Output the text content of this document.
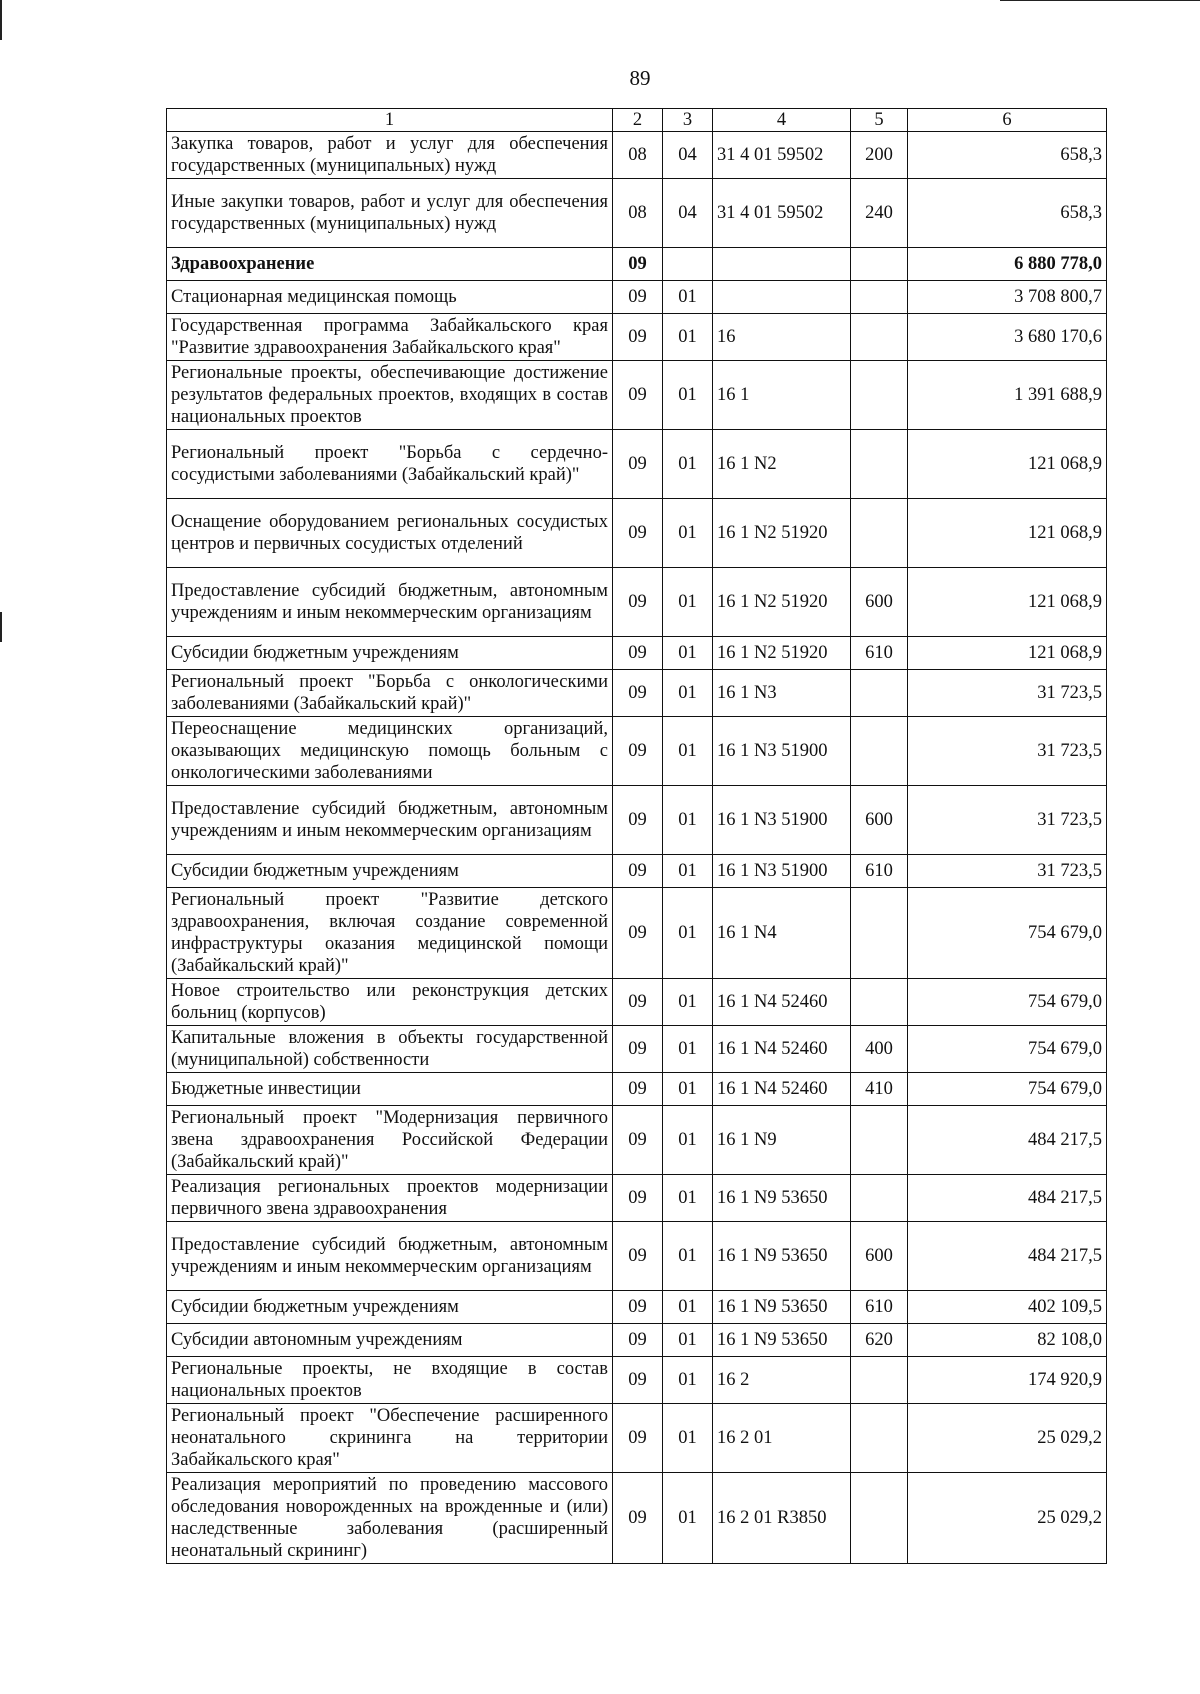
89
1	2	3	4	5	6
Закупка товаров, работ и услуг для обеспечения государственных (муниципальных) нужд	08	04	31 4 01 59502	200	658,3
Иные закупки товаров, работ и услуг для обеспечения государственных (муниципальных) нужд	08	04	31 4 01 59502	240	658,3
Здравоохранение	09				6 880 778,0
Стационарная медицинская помощь	09	01			3 708 800,7
Государственная программа Забайкальского края "Развитие здравоохранения Забайкальского края"	09	01	16		3 680 170,6
Региональные проекты, обеспечивающие достижение результатов федеральных проектов, входящих в состав национальных проектов	09	01	16 1		1 391 688,9
Региональный проект "Борьба с сердечно-сосудистыми заболеваниями (Забайкальский край)"	09	01	16 1 N2		121 068,9
Оснащение оборудованием региональных сосудистых центров и первичных сосудистых отделений	09	01	16 1 N2 51920		121 068,9
Предоставление субсидий бюджетным, автономным учреждениям и иным некоммерческим организациям	09	01	16 1 N2 51920	600	121 068,9
Субсидии бюджетным учреждениям	09	01	16 1 N2 51920	610	121 068,9
Региональный проект "Борьба с онкологическими заболеваниями (Забайкальский край)"	09	01	16 1 N3		31 723,5
Переоснащение медицинских организаций, оказывающих медицинскую помощь больным с онкологическими заболеваниями	09	01	16 1 N3 51900		31 723,5
Предоставление субсидий бюджетным, автономным учреждениям и иным некоммерческим организациям	09	01	16 1 N3 51900	600	31 723,5
Субсидии бюджетным учреждениям	09	01	16 1 N3 51900	610	31 723,5
Региональный проект "Развитие детского здравоохранения, включая создание современной инфраструктуры оказания медицинской помощи (Забайкальский край)"	09	01	16 1 N4		754 679,0
Новое строительство или реконструкция детских больниц (корпусов)	09	01	16 1 N4 52460		754 679,0
Капитальные вложения в объекты государственной (муниципальной) собственности	09	01	16 1 N4 52460	400	754 679,0
Бюджетные инвестиции	09	01	16 1 N4 52460	410	754 679,0
Региональный проект "Модернизация первичного звена здравоохранения Российской Федерации (Забайкальский край)"	09	01	16 1 N9		484 217,5
Реализация региональных проектов модернизации первичного звена здравоохранения	09	01	16 1 N9 53650		484 217,5
Предоставление субсидий бюджетным, автономным учреждениям и иным некоммерческим организациям	09	01	16 1 N9 53650	600	484 217,5
Субсидии бюджетным учреждениям	09	01	16 1 N9 53650	610	402 109,5
Субсидии автономным учреждениям	09	01	16 1 N9 53650	620	82 108,0
Региональные проекты, не входящие в состав национальных проектов	09	01	16 2		174 920,9
Региональный проект "Обеспечение расширенного неонатального скрининга на территории Забайкальского края"	09	01	16 2 01		25 029,2
Реализация мероприятий по проведению массового обследования новорожденных на врожденные и (или) наследственные заболевания (расширенный неонатальный скрининг)	09	01	16 2 01 R3850		25 029,2
